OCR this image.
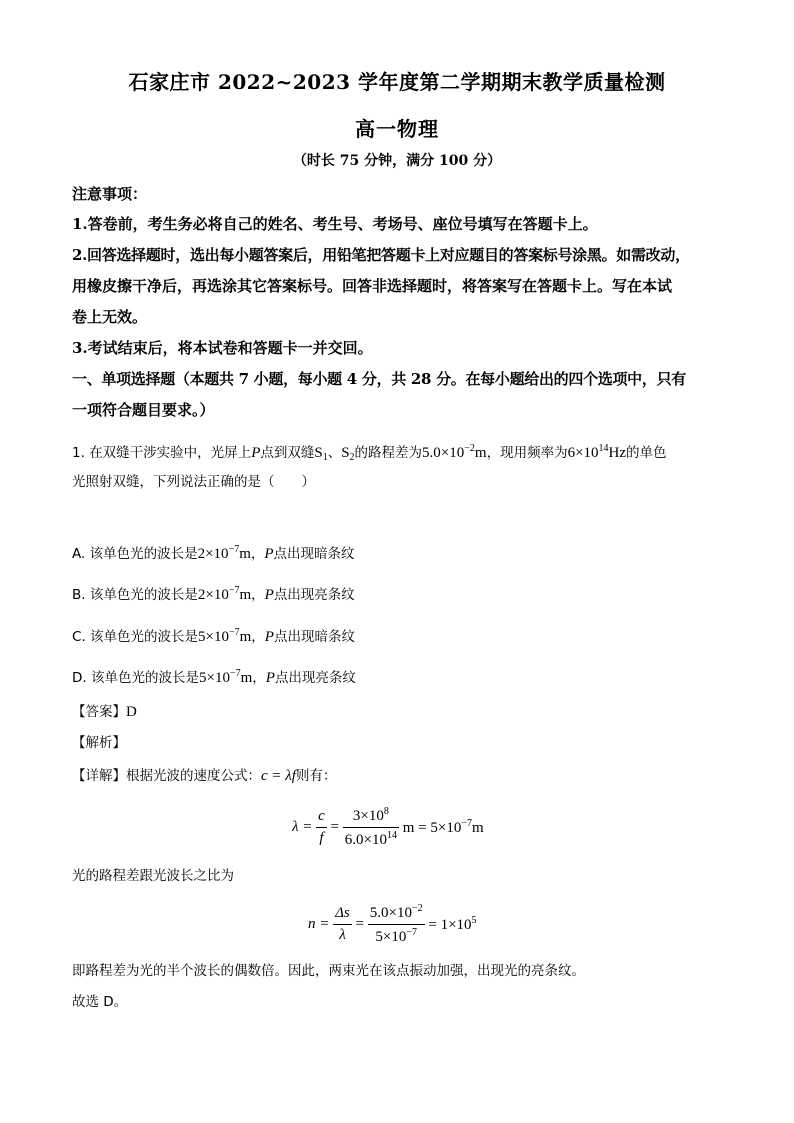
石家庄市 2022~2023 学年度第二学期期末教学质量检测
高一物理
（时长 75 分钟，满分 100 分）
注意事项：
1.答卷前，考生务必将自己的姓名、考生号、考场号、座位号填写在答题卡上。
2.回答选择题时，选出每小题答案后，用铅笔把答题卡上对应题目的答案标号涂黑。如需改动，
用橡皮擦干净后，再选涂其它答案标号。回答非选择题时，将答案写在答题卡上。写在本试
卷上无效。
3.考试结束后，将本试卷和答题卡一并交回。
一、单项选择题（本题共 7 小题，每小题 4 分，共 28 分。在每小题给出的四个选项中，只有
一项符合题目要求。）
1. 在双缝干涉实验中，光屏上P点到双缝$S_1$、$S_2$的路程差为$5.0\times 10^{-2}m$，现用频率为$6\times 10^{14}Hz$的单色
光照射双缝，下列说法正确的是（　　）
A. 该单色光的波长是$2\times 10^{-7}m$，P点出现暗条纹
B. 该单色光的波长是$2\times 10^{-7}m$，P点出现亮条纹
C. 该单色光的波长是$5\times 10^{-7}m$，P点出现暗条纹
D. 该单色光的波长是$5\times 10^{-7}m$，P点出现亮条纹
【答案】D
【解析】
【详解】根据光波的速度公式：c = λf则有：
$\lambda = \frac{c}{f} = \frac{3\times 10^8}{6.0\times 10^{14}}$ $m = 5\times 10^{-7}m$
光的路程差跟光波长之比为
$n = \frac{\Delta s}{\lambda} = \frac{5.0\times 10^{-2}}{5\times 10^{-7}} = 1\times 10^5$
即路程差为光的半个波长的偶数倍。因此，两束光在该点振动加强，出现光的亮条纹。
故选 D。
